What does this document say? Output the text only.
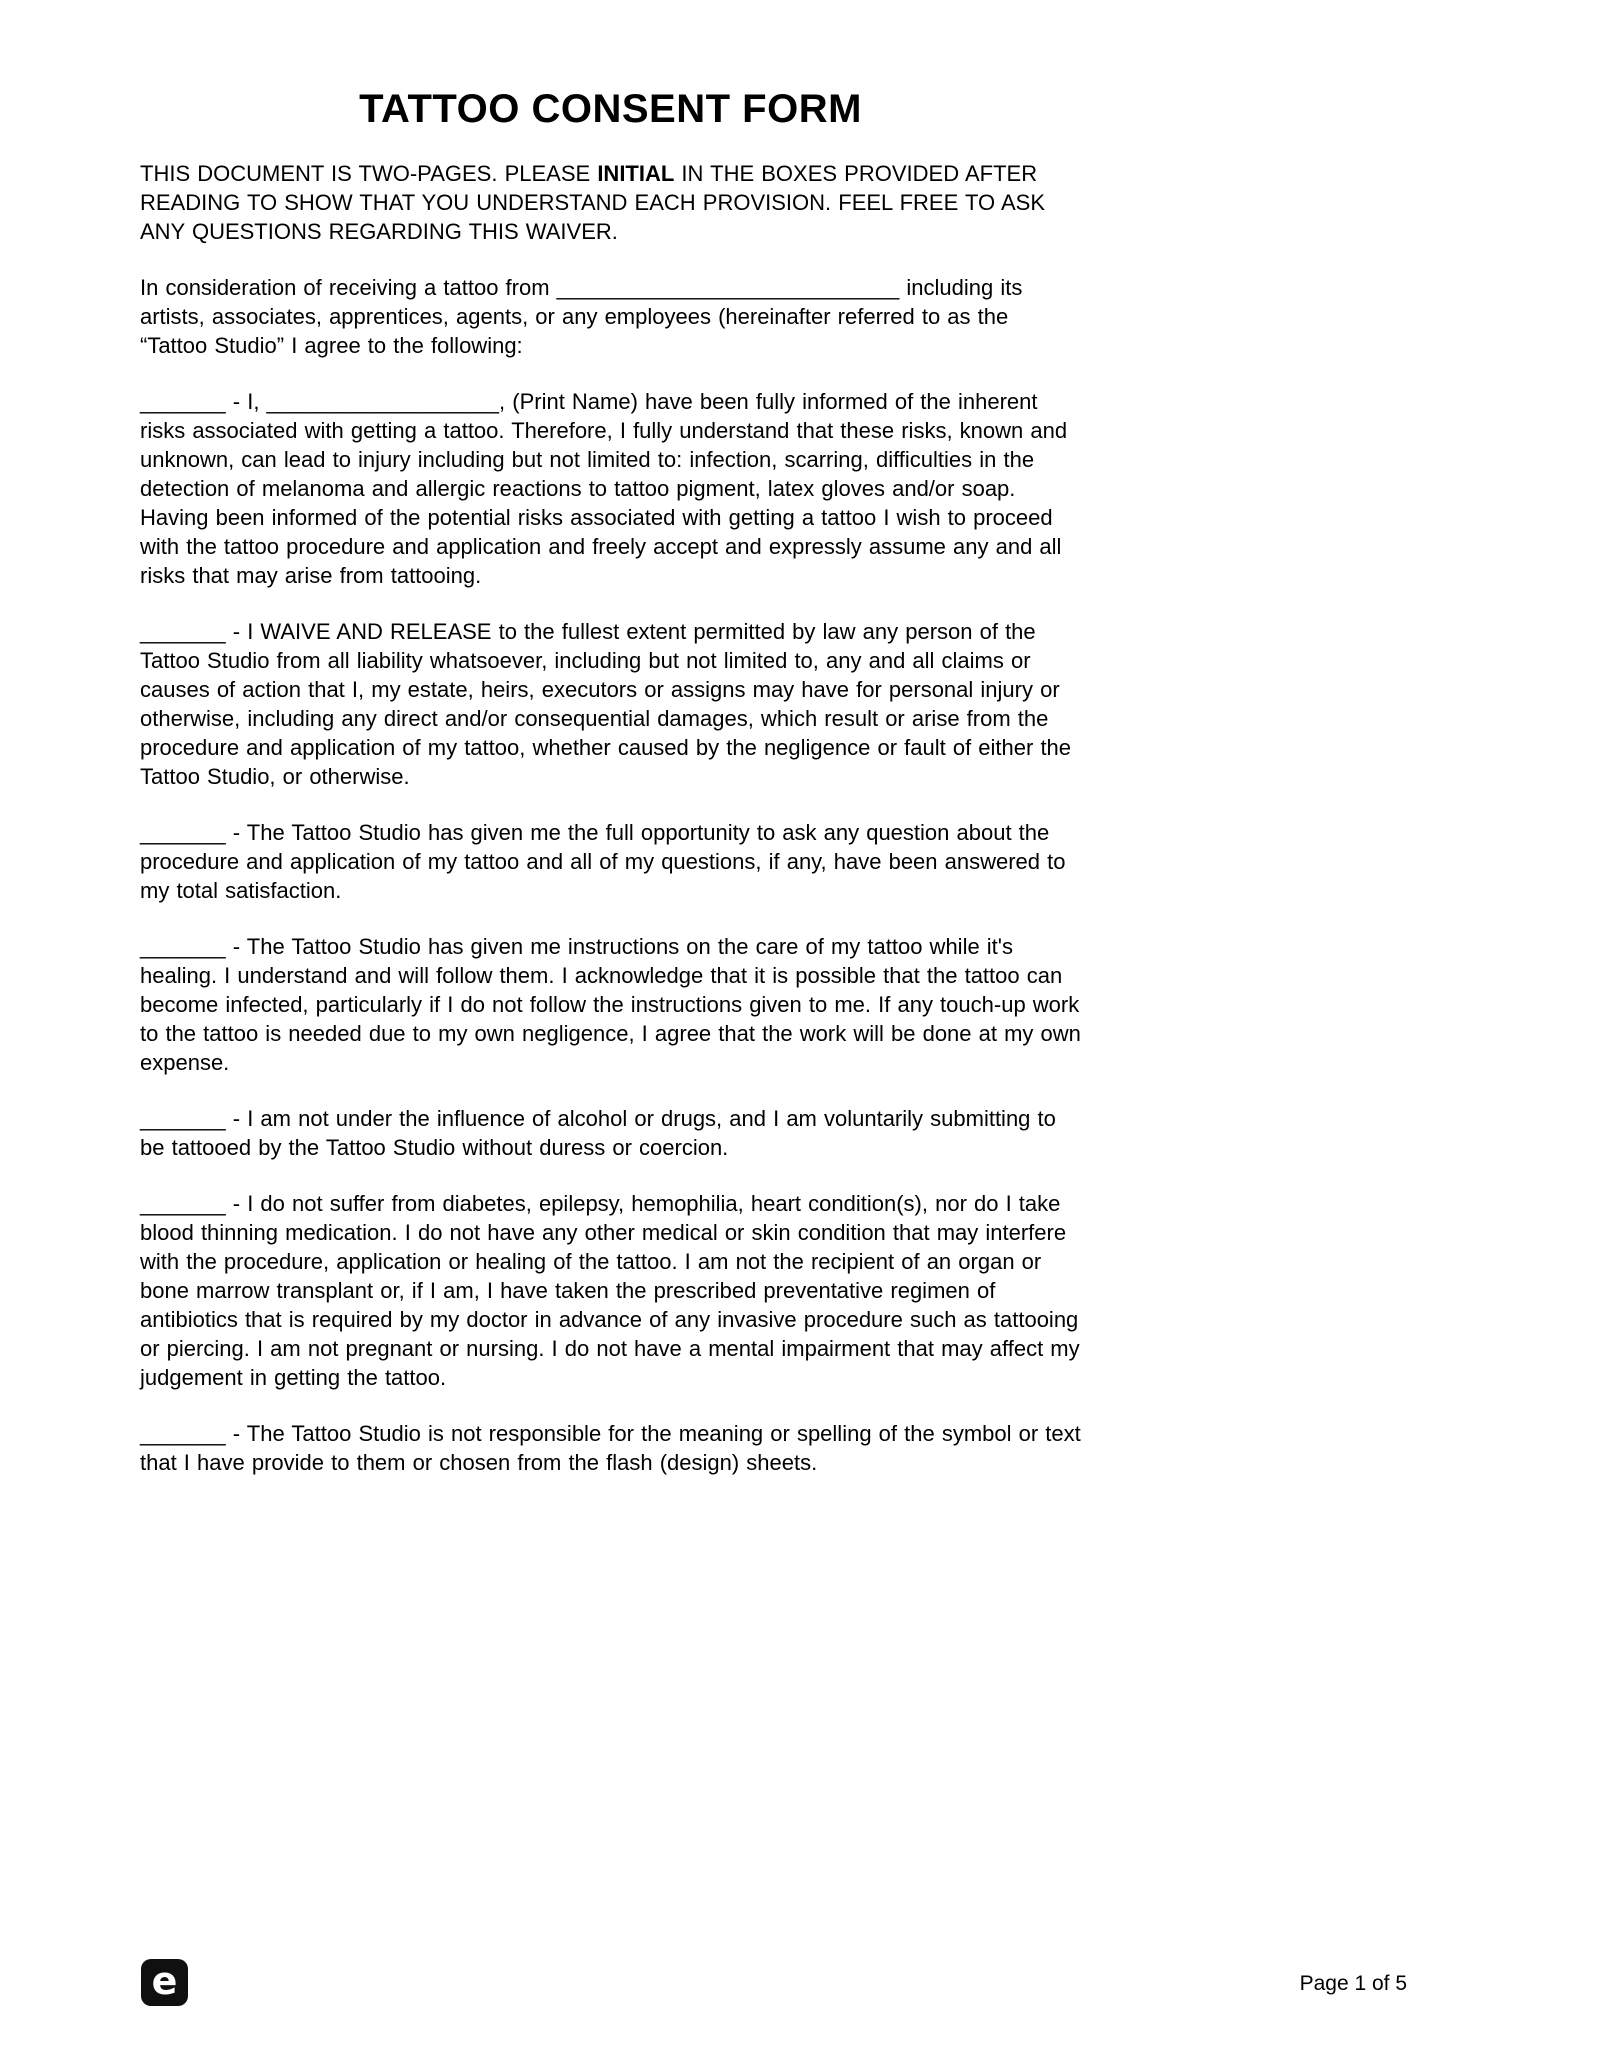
TATTOO CONSENT FORM

THIS DOCUMENT IS TWO-PAGES. PLEASE INITIAL IN THE BOXES PROVIDED AFTER READING TO SHOW THAT YOU UNDERSTAND EACH PROVISION. FEEL FREE TO ASK ANY QUESTIONS REGARDING THIS WAIVER.

In consideration of receiving a tattoo from ____________________________ including its artists, associates, apprentices, agents, or any employees (hereinafter referred to as the “Tattoo Studio” I agree to the following:

_______ - I, ___________________, (Print Name) have been fully informed of the inherent risks associated with getting a tattoo. Therefore, I fully understand that these risks, known and unknown, can lead to injury including but not limited to: infection, scarring, difficulties in the detection of melanoma and allergic reactions to tattoo pigment, latex gloves and/or soap. Having been informed of the potential risks associated with getting a tattoo I wish to proceed with the tattoo procedure and application and freely accept and expressly assume any and all risks that may arise from tattooing.

_______ - I WAIVE AND RELEASE to the fullest extent permitted by law any person of the Tattoo Studio from all liability whatsoever, including but not limited to, any and all claims or causes of action that I, my estate, heirs, executors or assigns may have for personal injury or otherwise, including any direct and/or consequential damages, which result or arise from the procedure and application of my tattoo, whether caused by the negligence or fault of either the Tattoo Studio, or otherwise.

_______ - The Tattoo Studio has given me the full opportunity to ask any question about the procedure and application of my tattoo and all of my questions, if any, have been answered to my total satisfaction.

_______ - The Tattoo Studio has given me instructions on the care of my tattoo while it's healing. I understand and will follow them. I acknowledge that it is possible that the tattoo can become infected, particularly if I do not follow the instructions given to me. If any touch-up work to the tattoo is needed due to my own negligence, I agree that the work will be done at my own expense.

_______ - I am not under the influence of alcohol or drugs, and I am voluntarily submitting to be tattooed by the Tattoo Studio without duress or coercion.

_______ - I do not suffer from diabetes, epilepsy, hemophilia, heart condition(s), nor do I take blood thinning medication. I do not have any other medical or skin condition that may interfere with the procedure, application or healing of the tattoo. I am not the recipient of an organ or bone marrow transplant or, if I am, I have taken the prescribed preventative regimen of antibiotics that is required by my doctor in advance of any invasive procedure such as tattooing or piercing. I am not pregnant or nursing. I do not have a mental impairment that may affect my judgement in getting the tattoo.

_______ - The Tattoo Studio is not responsible for the meaning or spelling of the symbol or text that I have provide to them or chosen from the flash (design) sheets.

e	Page 1 of 5
